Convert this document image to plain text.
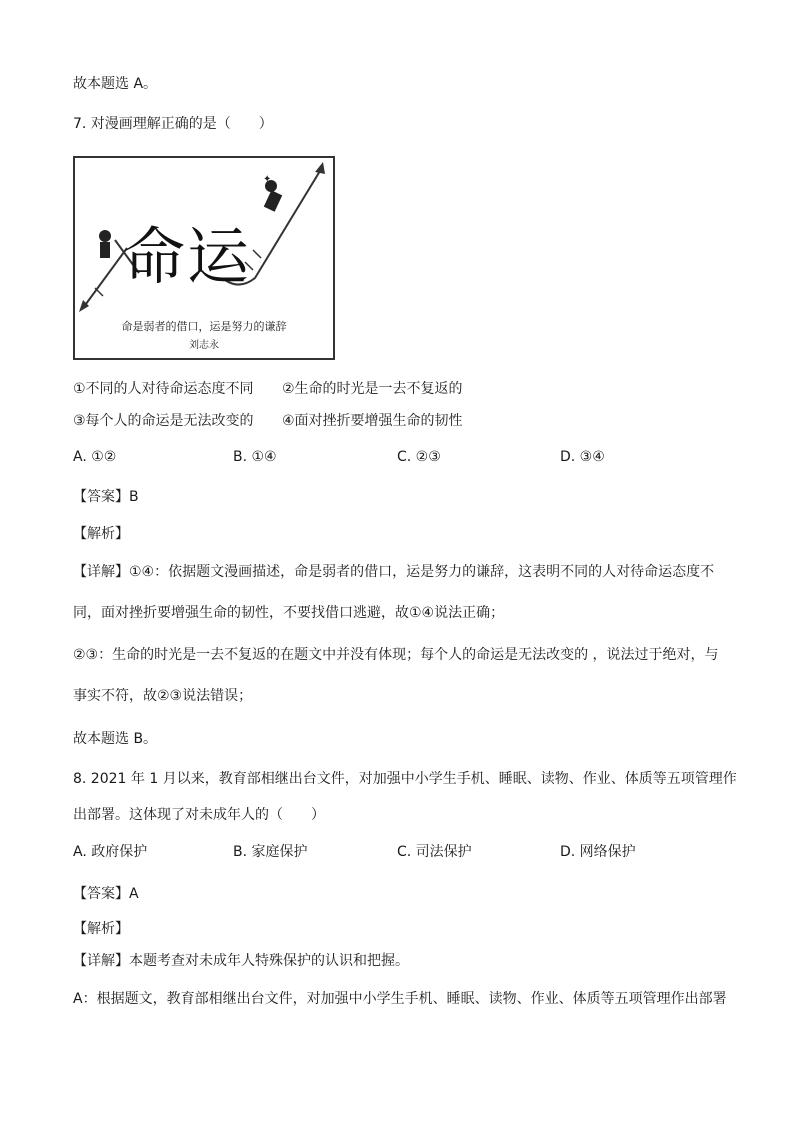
故本题选 A。
7. 对漫画理解正确的是（　　）
✦
命运
命是弱者的借口，运是努力的谦辞
刘志永
①不同的人对待命运态度不同 ②生命的时光是一去不复返的
③每个人的命运是无法改变的 ④面对挫折要增强生命的韧性
A. ①②	B. ①④	C. ②③	D. ③④
【答案】B
【解析】
【详解】①④：依据题文漫画描述，命是弱者的借口，运是努力的谦辞，这表明不同的人对待命运态度不
同，面对挫折要增强生命的韧性，不要找借口逃避，故①④说法正确；
②③：生命的时光是一去不复返的在题文中并没有体现；每个人的命运是无法改变的 ，说法过于绝对，与
事实不符，故②③说法错误；
故本题选 B。
8. 2021 年 1 月以来，教育部相继出台文件，对加强中小学生手机、睡眠、读物、作业、体质等五项管理作
出部署。这体现了对未成年人的（　　）
A. 政府保护	B. 家庭保护	C. 司法保护	D. 网络保护
【答案】A
【解析】
【详解】本题考查对未成年人特殊保护的认识和把握。
A：根据题文，教育部相继出台文件，对加强中小学生手机、睡眠、读物、作业、体质等五项管理作出部署
